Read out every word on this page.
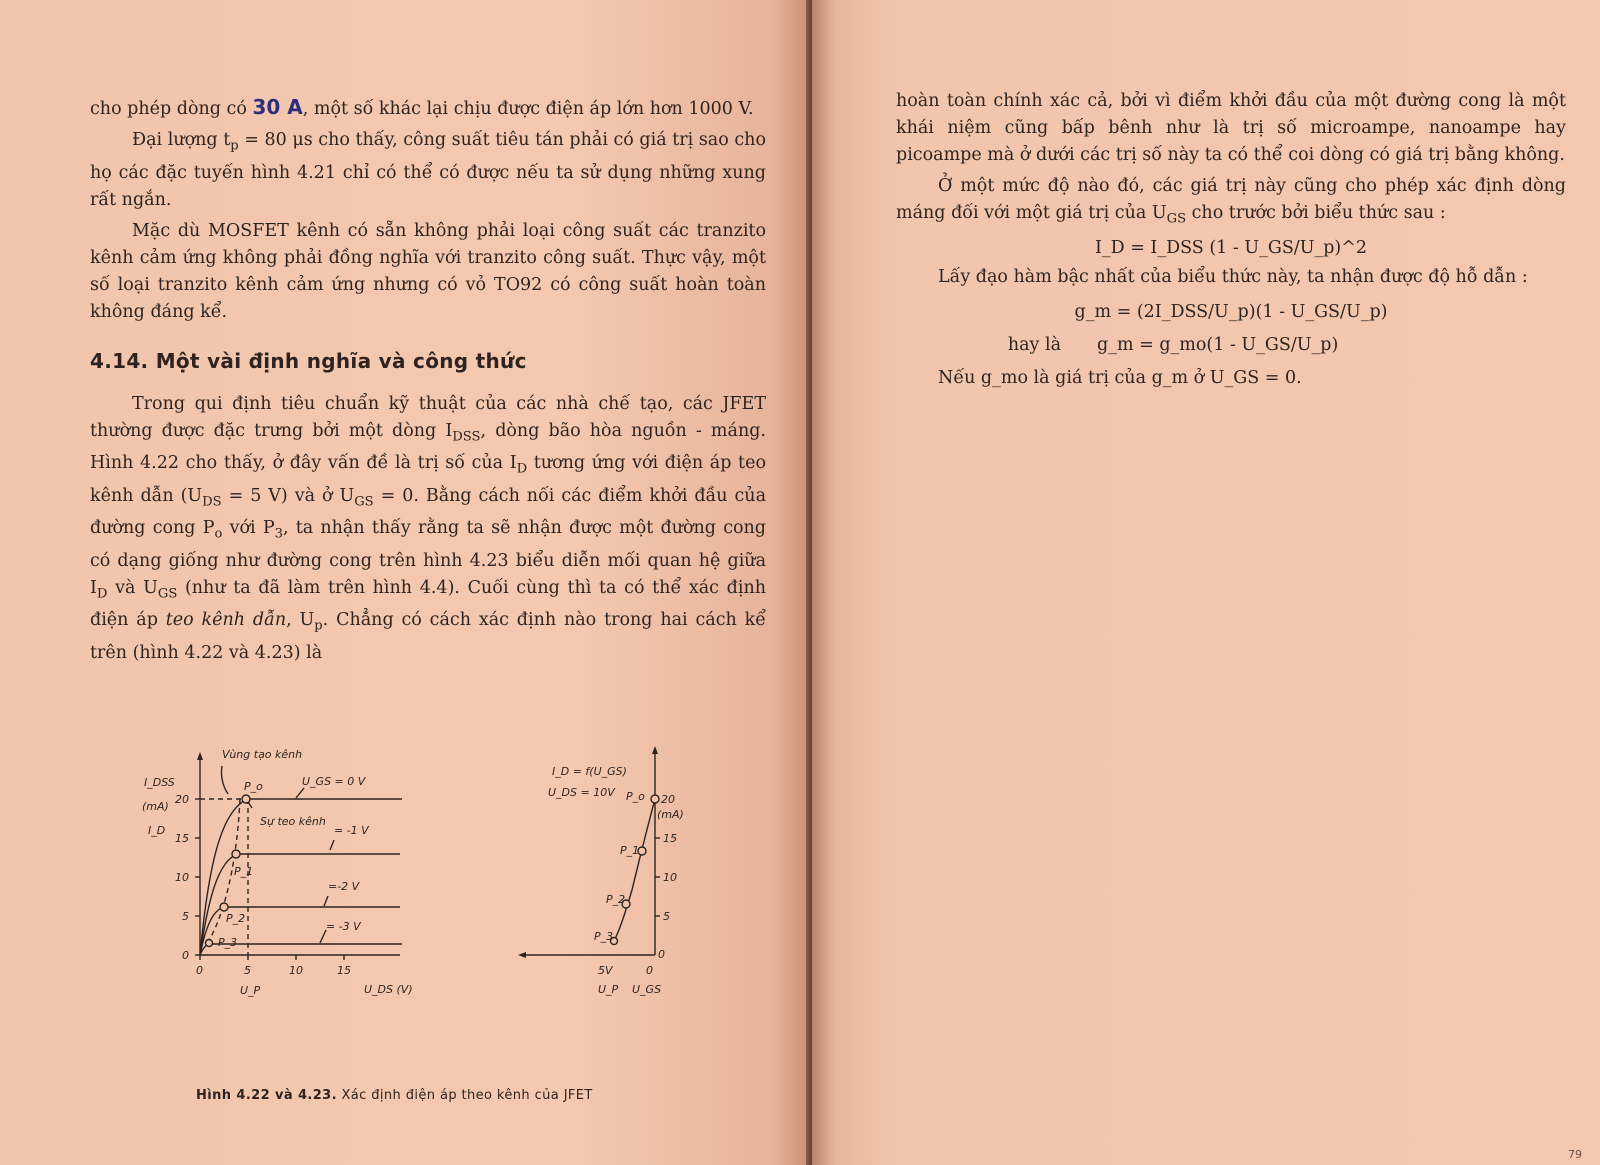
cho phép dòng có 30 A, một số khác lại chịu được điện áp lớn hơn 1000 V.

Đại lượng $t_p = 80$ μs cho thấy, công suất tiêu tán phải có giá trị sao cho họ các đặc tuyến hình 4.21 chỉ có thể có được nếu ta sử dụng những xung rất ngắn.

Mặc dù MOSFET kênh có sẵn không phải loại công suất các tranzito kênh cảm ứng không phải đồng nghĩa với tranzito công suất. Thực vậy, một số loại tranzito kênh cảm ứng nhưng có vỏ TO92 có công suất hoàn toàn không đáng kể.

4.14. Một vài định nghĩa và công thức

Trong qui định tiêu chuẩn kỹ thuật của các nhà chế tạo, các JFET thường được đặc trưng bởi một dòng $I_{DSS}$, dòng bão hòa nguồn - máng. Hình 4.22 cho thấy, ở đây vấn đề là trị số của $I_D$ tương ứng với điện áp teo kênh dẫn ($U_{DS} = 5$ V) và ở $U_{GS} = 0$. Bằng cách nối các điểm khởi đầu của đường cong $P_o$ với $P_3$, ta nhận thấy rằng ta sẽ nhận được một đường cong có dạng giống như đường cong trên hình 4.23 biểu diễn mối quan hệ giữa $I_D$ và $U_{GS}$ (như ta đã làm trên hình 4.4). Cuối cùng thì ta có thể xác định điện áp teo kênh dẫn, $U_p$. Chẳng có cách xác định nào trong hai cách kể trên (hình 4.22 và 4.23) là

Vùng tạo kênh
Sự teo kênh
I_DSS
(mA)
I_D
0
5
10
15
20
0	5	10	15
U_P	U_DS (V)
P_o
P_1
P_2
P_3
U_GS = 0 V
= -1 V
=-2 V
= -3 V
I_D = f(U_GS)
U_DS = 10V P_o
P_1
P_2
P_3
20
(mA)
15
10
5
0
5V	0
U_P U_GS
Hình 4.22 và 4.23. Xác định điện áp theo kênh của JFET

hoàn toàn chính xác cả, bởi vì điểm khởi đầu của một đường cong là một khái niệm cũng bấp bênh như là trị số microampe, nanoampe hay picoampe mà ở dưới các trị số này ta có thể coi dòng có giá trị bằng không.

Ở một mức độ nào đó, các giá trị này cũng cho phép xác định dòng máng đối với một giá trị của $U_{GS}$ cho trước bởi biểu thức sau :

I_D = I_DSS (1 - U_GS/U_p)^2

Lấy đạo hàm bậc nhất của biểu thức này, ta nhận được độ hỗ dẫn :

g_m = (2I_DSS/U_p)(1 - U_GS/U_p)
hay là	g_m = g_mo(1 - U_GS/U_p)

Nếu g_mo là giá trị của g_m ở U_GS = 0.

79
